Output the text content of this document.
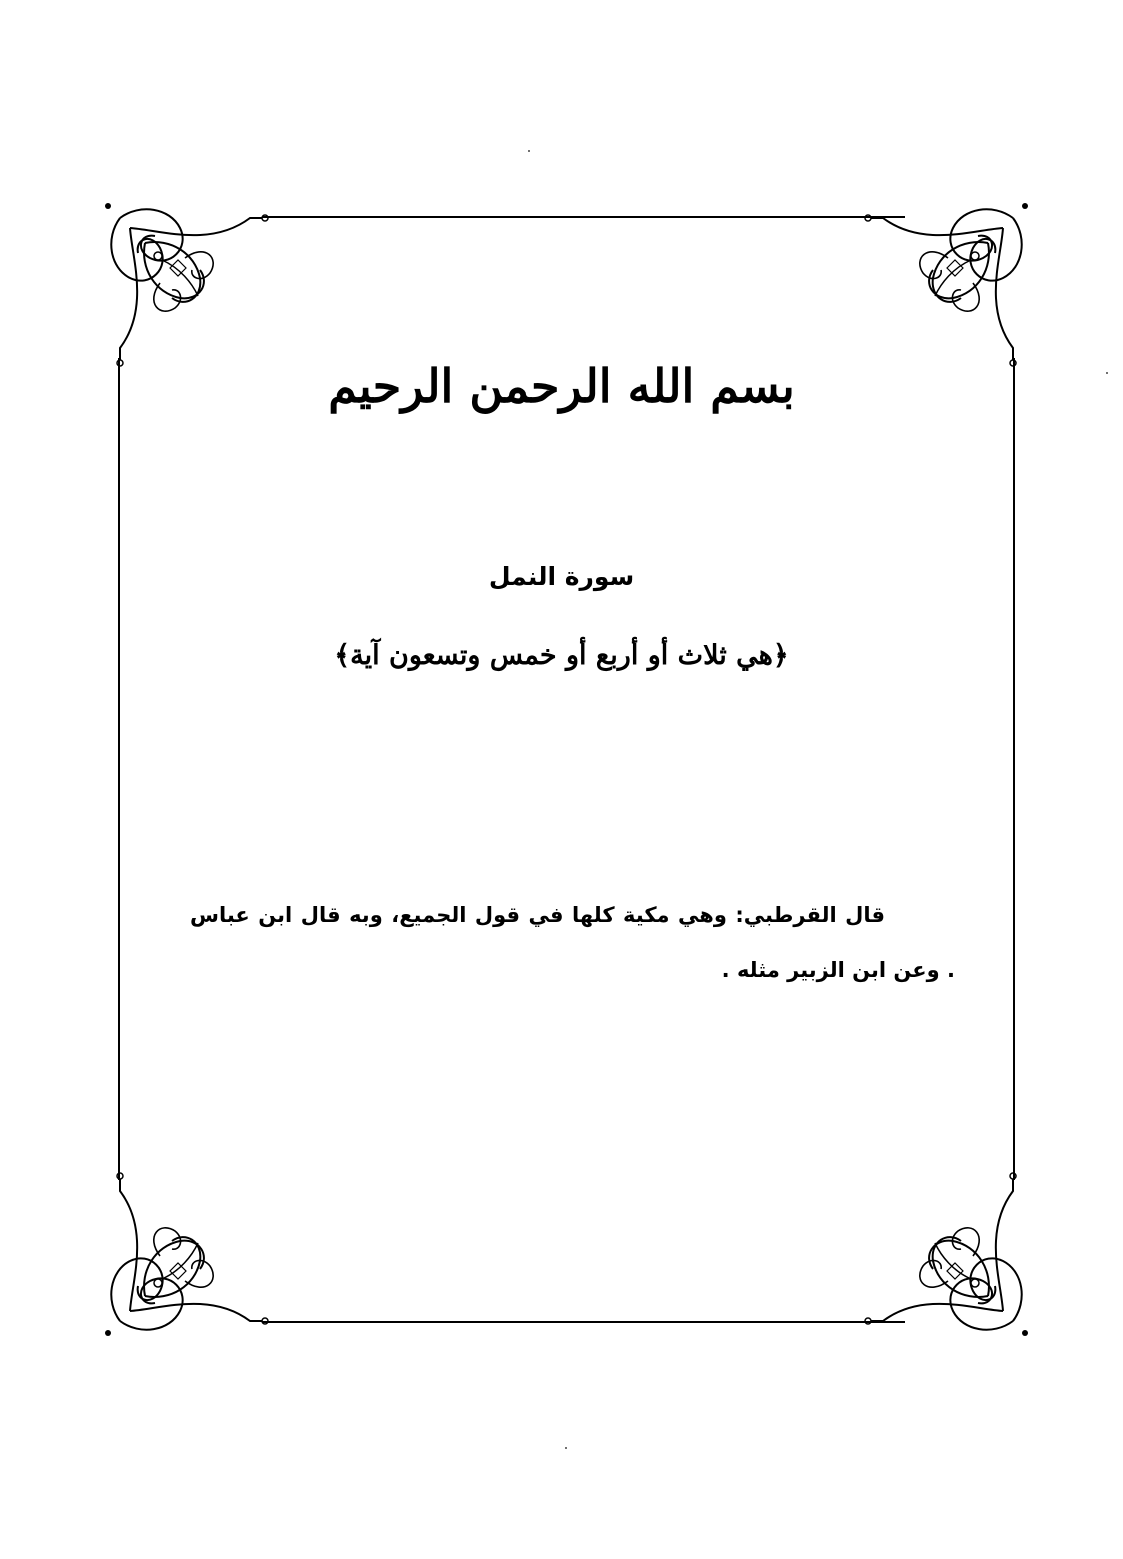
بسم الله الرحمن الرحيم
سورة النمل
﴿هي ثلاث أو أربع أو خمس وتسعون آية﴾
قال القرطبي: وهي مكية كلها في قول الجميع، وبه قال ابن عباس . وعن ابن الزبير مثله .
